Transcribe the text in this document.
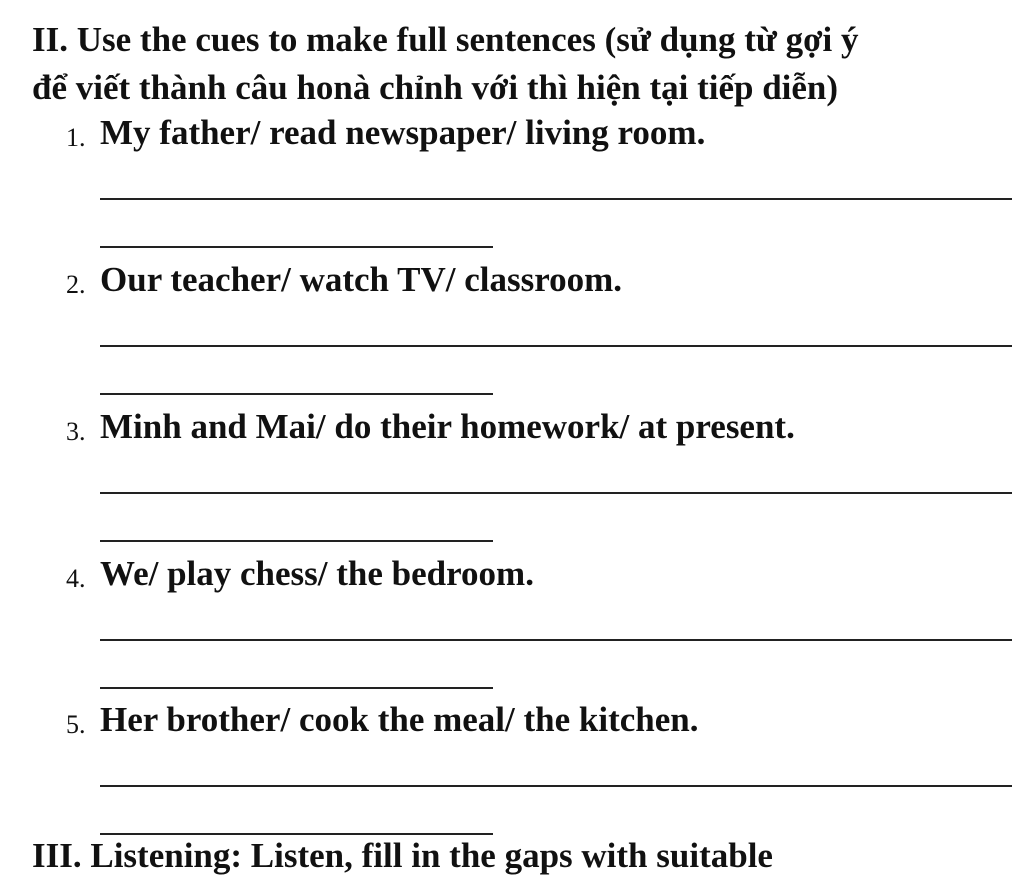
II. Use the cues to make full sentences (sử dụng từ gợi ý
để viết thành câu honà chỉnh với thì hiện tại tiếp diễn)
1. My father/ read newspaper/ living room.
2. Our teacher/ watch TV/ classroom.
3. Minh and Mai/ do their homework/ at present.
4. We/ play chess/ the bedroom.
5. Her brother/ cook the meal/ the kitchen.
III. Listening: Listen, fill in the gaps with suitable
